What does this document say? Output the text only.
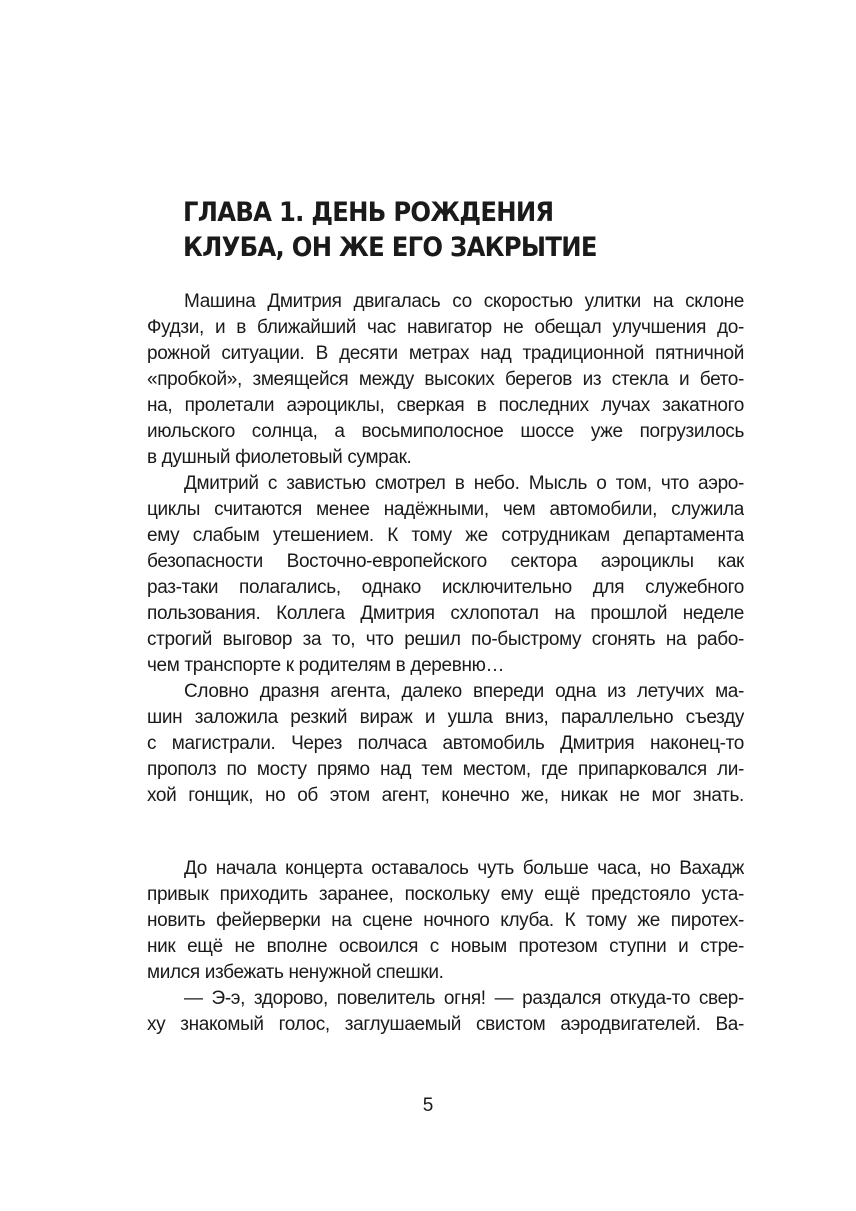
ГЛАВА 1. ДЕНЬ РОЖДЕНИЯ
КЛУБА, ОН ЖЕ ЕГО ЗАКРЫТИЕ
Машина Дмитрия двигалась со скоростью улитки на склоне
Фудзи, и в ближайший час навигатор не обещал улучшения до-
рожной ситуации. В десяти метрах над традиционной пятничной
«пробкой», змеящейся между высоких берегов из стекла и бето-
на, пролетали аэроциклы, сверкая в последних лучах закатного
июльского солнца, а восьмиполосное шоссе уже погрузилось
в душный фиолетовый сумрак.
Дмитрий с завистью смотрел в небо. Мысль о том, что аэро-
циклы считаются менее надёжными, чем автомобили, служила
ему слабым утешением. К тому же сотрудникам департамента
безопасности Восточно-европейского сектора аэроциклы как
раз-таки полагались, однако исключительно для служебного
пользования. Коллега Дмитрия схлопотал на прошлой неделе
строгий выговор за то, что решил по-быстрому сгонять на рабо-
чем транспорте к родителям в деревню…
Словно дразня агента, далеко впереди одна из летучих ма-
шин заложила резкий вираж и ушла вниз, параллельно съезду
с магистрали. Через полчаса автомобиль Дмитрия наконец-то
прополз по мосту прямо над тем местом, где припарковался ли-
хой гонщик, но об этом агент, конечно же, никак не мог знать.
До начала концерта оставалось чуть больше часа, но Вахадж
привык приходить заранее, поскольку ему ещё предстояло уста-
новить фейерверки на сцене ночного клуба. К тому же пиротех-
ник ещё не вполне освоился с новым протезом ступни и стре-
мился избежать ненужной спешки.
— Э-э, здорово, повелитель огня! — раздался откуда-то свер-
ху знакомый голос, заглушаемый свистом аэродвигателей. Ва-
5
